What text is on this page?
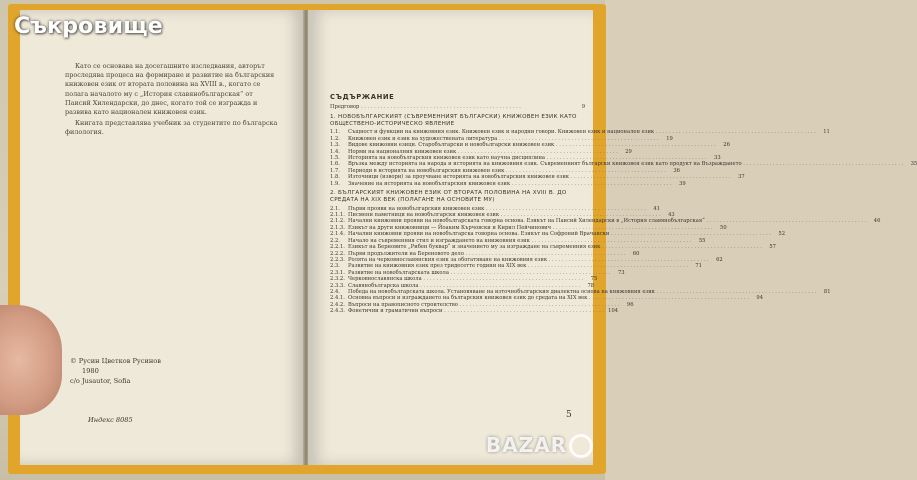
Като се основава на досегашните изследвания, авторът проследява процеса на формиране и развитие на българския книжовен език от втората половина на XVIII в., когато се полага началото му с „История славянобългарская“ от Паисий Хилендарски, до днес, когато той се изгражда и развива като национален книжовен език.

Книгата представлява учебник за студентите по българска филология.

© Русин Цветков Русинов
1980
c/o Jusautor, Sofia
Индекс 8085
СЪДЪРЖАНИЕ
Предговор . . .	9
1. НОВОБЪЛГАРСКИЯТ (СЪВРЕМЕННИЯТ БЪЛГАРСКИ) КНИЖОВЕН ЕЗИК КАТО ОБЩЕСТВЕНО-ИСТОРИЧЕСКО ЯВЛЕНИЕ
1.1.	Същност и функции на книжовния език. Книжовен език и народни говори. Книжовен език и национален език . . .	11
1.2.	Книжовен език и език на художествената литература . . .	19
1.3.	Видове книжовни езици. Старобългарски и новобългарски книжовен език . . .	26
1.4.	Норми на националния книжовен език . . .	29
1.5.	Историята на новобългарския книжовен език като научна дисциплина . . .	33
1.6.	Връзка между историята на народа и историята на книжовния език. Съвременният български книжовен език като продукт на Възраждането . . .	35
1.7.	Периоди в историята на новобългарския книжовен език . . .	36
1.8.	Източници (извори) за проучване историята на новобългарския книжовен език . . .	37
1.9.	Значение на историята на новобългарския книжовен език . . .	39
2. БЪЛГАРСКИЯТ КНИЖОВЕН ЕЗИК ОТ ВТОРАТА ПОЛОВИНА НА XVIII В. ДО СРЕДАТА НА XIX ВЕК (ПОЛАГАНЕ НА ОСНОВИТЕ МУ)
2.1.	Първи прояви на новобългарския книжовен език . . .	41
2.1.1. Писмени паметници на новобългарски книжовен език . . .	43
2.1.2. Начални книжовни прояви на новобългарската говорна основа. Езикът на Паисий Хилендарски в „История славянобългарская“ . . .	46
2.1.3. Езикът на други книжовници — Йоаким Кърчовски и Кирил Пейчинович . . .	50
2.1.4. Начални книжовни прояви на новобългарска говорна основа. Езикът на Софроний Врачански . . .	52
2.2.	Начало на съвременния стил и изграждането на книжовния език . . .	55
2.2.1. Езикът на Берновите „Рибен буквар“ и значението му за изграждане на съвременния език . . .	57
2.2.2. Първи продължители на Береновото дело . . .	60
2.2.3. Ролята на черковнославянския език за обогатяване на книжовния език . . .	62
2.3.	Развитие на книжовния език през тридесетте години на XIX век . . .	71
2.3.1. Развитие на новобългарската школа . . .	73
2.3.2. Черковнославянска школа . . .	75
2.3.3. Славянобългарска школа . . .	78
2.4.	Победа на новобългарската школа. Установяване на източнобългарския диалектна основа на книжовния език . . .	81
2.4.1. Основна въпроси и изграждането на българския книжовен език до средата на XIX век . . .	94
2.4.2. Въпроси на правописното строителство . . .	96
2.4.3. Фонетични и граматични въпроси . . .	104
5
Съкровище
BAZAR
